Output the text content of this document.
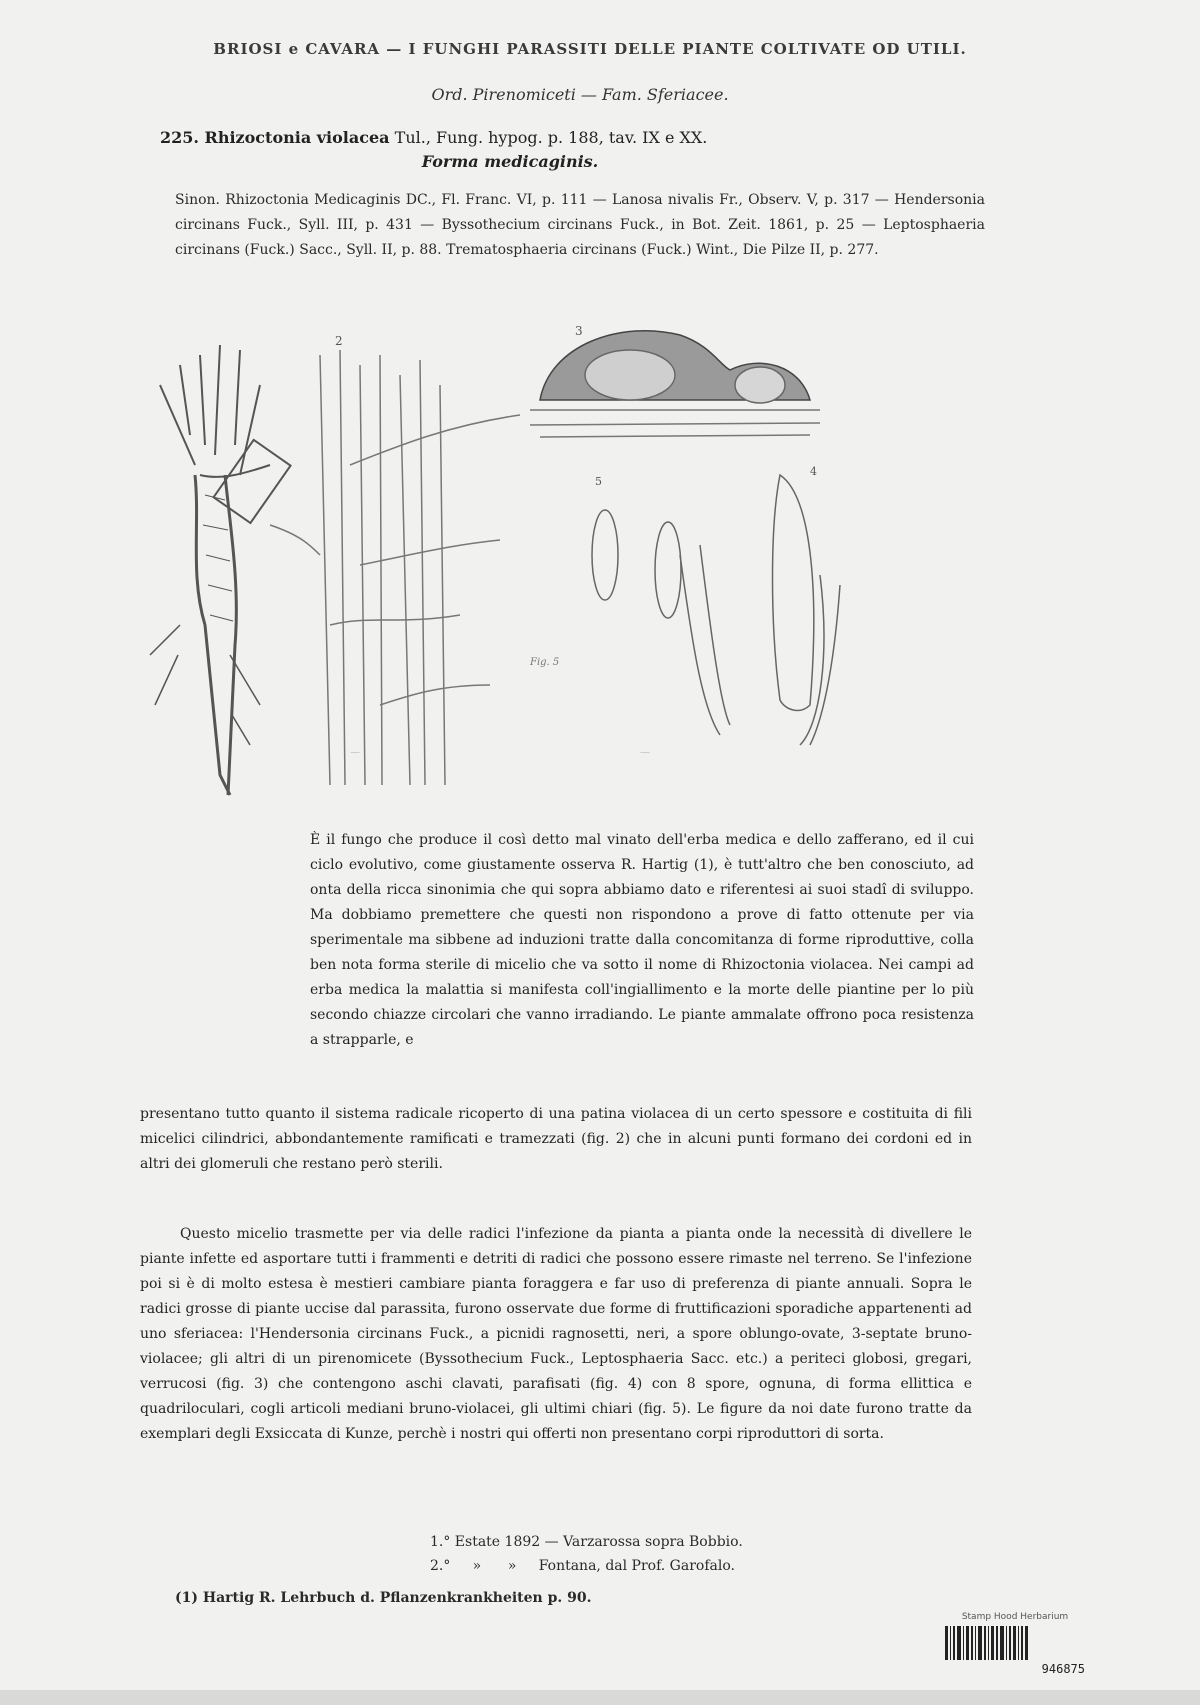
BRIOSI e CAVARA — I FUNGHI PARASSITI DELLE PIANTE COLTIVATE OD UTILI.
Ord. Pirenomiceti — Fam. Sferiacee.
225. Rhizoctonia violacea Tul., Fung. hypog. p. 188, tav. IX e XX.
Forma medicaginis.
Sinon. Rhizoctonia Medicaginis DC., Fl. Franc. VI, p. 111 — Lanosa nivalis Fr., Observ. V, p. 317 — Hendersonia circinans Fuck., Syll. III, p. 431 — Byssothecium circinans Fuck., in Bot. Zeit. 1861, p. 25 — Leptosphaeria circinans (Fuck.) Sacc., Syll. II, p. 88. Trematosphaeria circinans (Fuck.) Wint., Die Pilze II, p. 277.
2
3
5
Fig. 5
4
—	—
È il fungo che produce il così detto mal vinato dell'erba medica e dello zafferano, ed il cui ciclo evolutivo, come giustamente osserva R. Hartig (1), è tutt'altro che ben conosciuto, ad onta della ricca sinonimia che qui sopra abbiamo dato e riferentesi ai suoi stadî di sviluppo. Ma dobbiamo premettere che questi non rispondono a prove di fatto ottenute per via sperimentale ma sibbene ad induzioni tratte dalla concomitanza di forme riproduttive, colla ben nota forma sterile di micelio che va sotto il nome di Rhizoctonia violacea. Nei campi ad erba medica la malattia si manifesta coll'ingiallimento e la morte delle piantine per lo più secondo chiazze circolari che vanno irradiando. Le piante ammalate offrono poca resistenza a strapparle, e
presentano tutto quanto il sistema radicale ricoperto di una patina violacea di un certo spessore e costituita di fili micelici cilindrici, abbondantemente ramificati e tramezzati (fig. 2) che in alcuni punti formano dei cordoni ed in altri dei glomeruli che restano però sterili.
Questo micelio trasmette per via delle radici l'infezione da pianta a pianta onde la necessità di divellere le piante infette ed asportare tutti i frammenti e detriti di radici che possono essere rimaste nel terreno. Se l'infezione poi si è di molto estesa è mestieri cambiare pianta foraggera e far uso di preferenza di piante annuali. Sopra le radici grosse di piante uccise dal parassita, furono osservate due forme di fruttificazioni sporadiche appartenenti ad uno sferiacea: l'Hendersonia circinans Fuck., a picnidi ragnosetti, neri, a spore oblungo-ovate, 3-septate bruno-violacee; gli altri di un pirenomicete (Byssothecium Fuck., Leptosphaeria Sacc. etc.) a periteci globosi, gregari, verrucosi (fig. 3) che contengono aschi clavati, parafisati (fig. 4) con 8 spore, ognuna, di forma ellittica e quadriloculari, cogli articoli mediani bruno-violacei, gli ultimi chiari (fig. 5). Le figure da noi date furono tratte da exemplari degli Exsiccata di Kunze, perchè i nostri qui offerti non presentano corpi riproduttori di sorta.
1.° Estate 1892 — Varzarossa sopra Bobbio.
2.°     »      »     Fontana, dal Prof. Garofalo.
(1) Hartig R. Lehrbuch d. Pflanzenkrankheiten p. 90.
Stamp Hood Herbarium
946875
